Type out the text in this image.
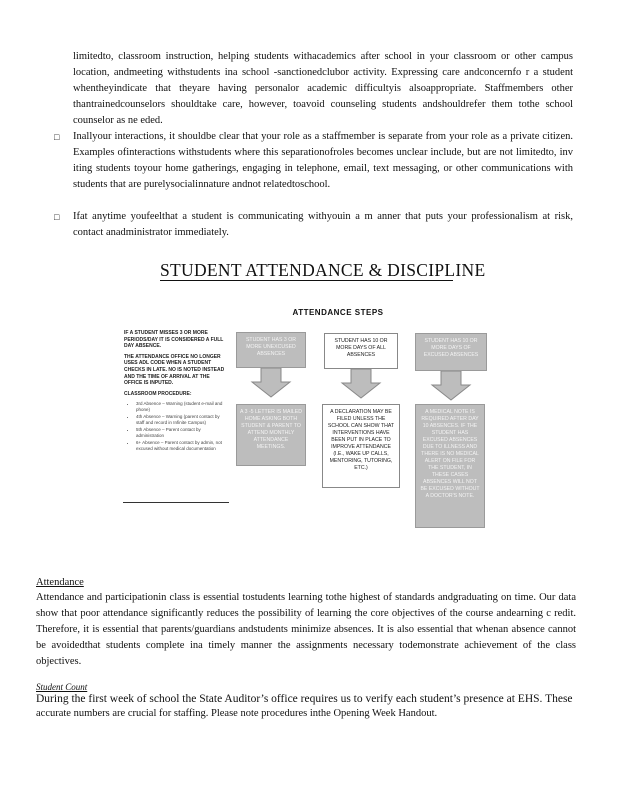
limitedto, classroom instruction, helping students withacademics after school in your classroom or other campus location, andmeeting withstudents ina school -sanctionedclubor activity. Expressing care andconcernfo r a student whentheyindicate that theyare having personalor academic difficultyis alsoappropriate. Staffmembers other thantrainedcounselors shouldtake care, however, toavoid counseling students andshouldrefer them tothe school counselor as ne eded.

□	Inallyour interactions, it shouldbe clear that your role as a staffmember is separate from your role as a private citizen. Examples ofinteractions withstudents where this separationofroles becomes unclear include, but are not limitedto, inv iting students toyour home gatherings, engaging in telephone, email, text messaging, or other communications with students that are purelysocialinnature andnot relatedtoschool.
□	Ifat anytime youfeelthat a student is communicating withyouin a m anner that puts your professionalism at risk, contact anadministrator immediately.
STUDENT ATTENDANCE & DISCIPLINE
ATTENDANCE STEPS

IF A STUDENT MISSES 3 OR MORE PERIODS/DAY IT IS CONSIDERED A FULL DAY ABSENCE.

THE ATTENDANCE OFFICE NO LONGER USES ADL CODE WHEN A STUDENT CHECKS IN LATE. NO IS NOTED INSTEAD AND THE TIME OF ARRIVAL AT THE OFFICE IS INPUTED.

CLASSROOM PROCEDURE:

• 3rd Absence – Warning (student e-mail and phone)
• 4th Absence – Warning (parent contact by staff and record in Infinite Campus)
• 5th Absence – Parent contact by administration
• 6+ Absence – Parent contact by admin, not excused without medical documentation
STUDENT HAS 3 OR MORE UNEXCUSED ABSENCES
A 3 -5 LETTER IS MAILED HOME ASKING BOTH STUDENT & PARENT TO ATTEND MONTHLY ATTENDANCE MEETINGS.
STUDENT HAS 10 OR MORE DAYS OF ALL ABSENCES
A DECLARATION MAY BE FILED UNLESS THE SCHOOL CAN SHOW THAT INTERVENTIONS HAVE BEEN PUT IN PLACE TO IMPROVE ATTENDANCE (I.E., WAKE UP CALLS, MENTORING, TUTORING, ETC.)
STUDENT HAS 10 OR MORE DAYS OF EXCUSED ABSENCES
A MEDICAL NOTE IS REQUIRED AFTER DAY 10 ABSENCES. IF THE STUDENT HAS EXCUSED ABSENCES DUE TO ILLNESS AND THERE IS NO MEDICAL ALERT ON FILE FOR THE STUDENT, IN THESE CASES ABSENCES WILL NOT BE EXCUSED WITHOUT A DOCTOR'S NOTE.
Attendance
Attendance and participationin class is essential tostudents learning tothe highest of standards andgraduating on time. Our data show that poor attendance significantly reduces the possibility of learning the core objectives of the course andearning c redit. Therefore, it is essential that parents/guardians andstudents minimize absences. It is also essential that whenan absence cannot be avoidedthat students complete ina timely manner the assignments necessary todemonstrate achievement of the class objectives.
Student Count
During the first week of school the State Auditor’s office requires us to verify each student’s presence at EHS. These
accurate numbers are crucial for staffing. Please note procedures inthe Opening Week Handout.
